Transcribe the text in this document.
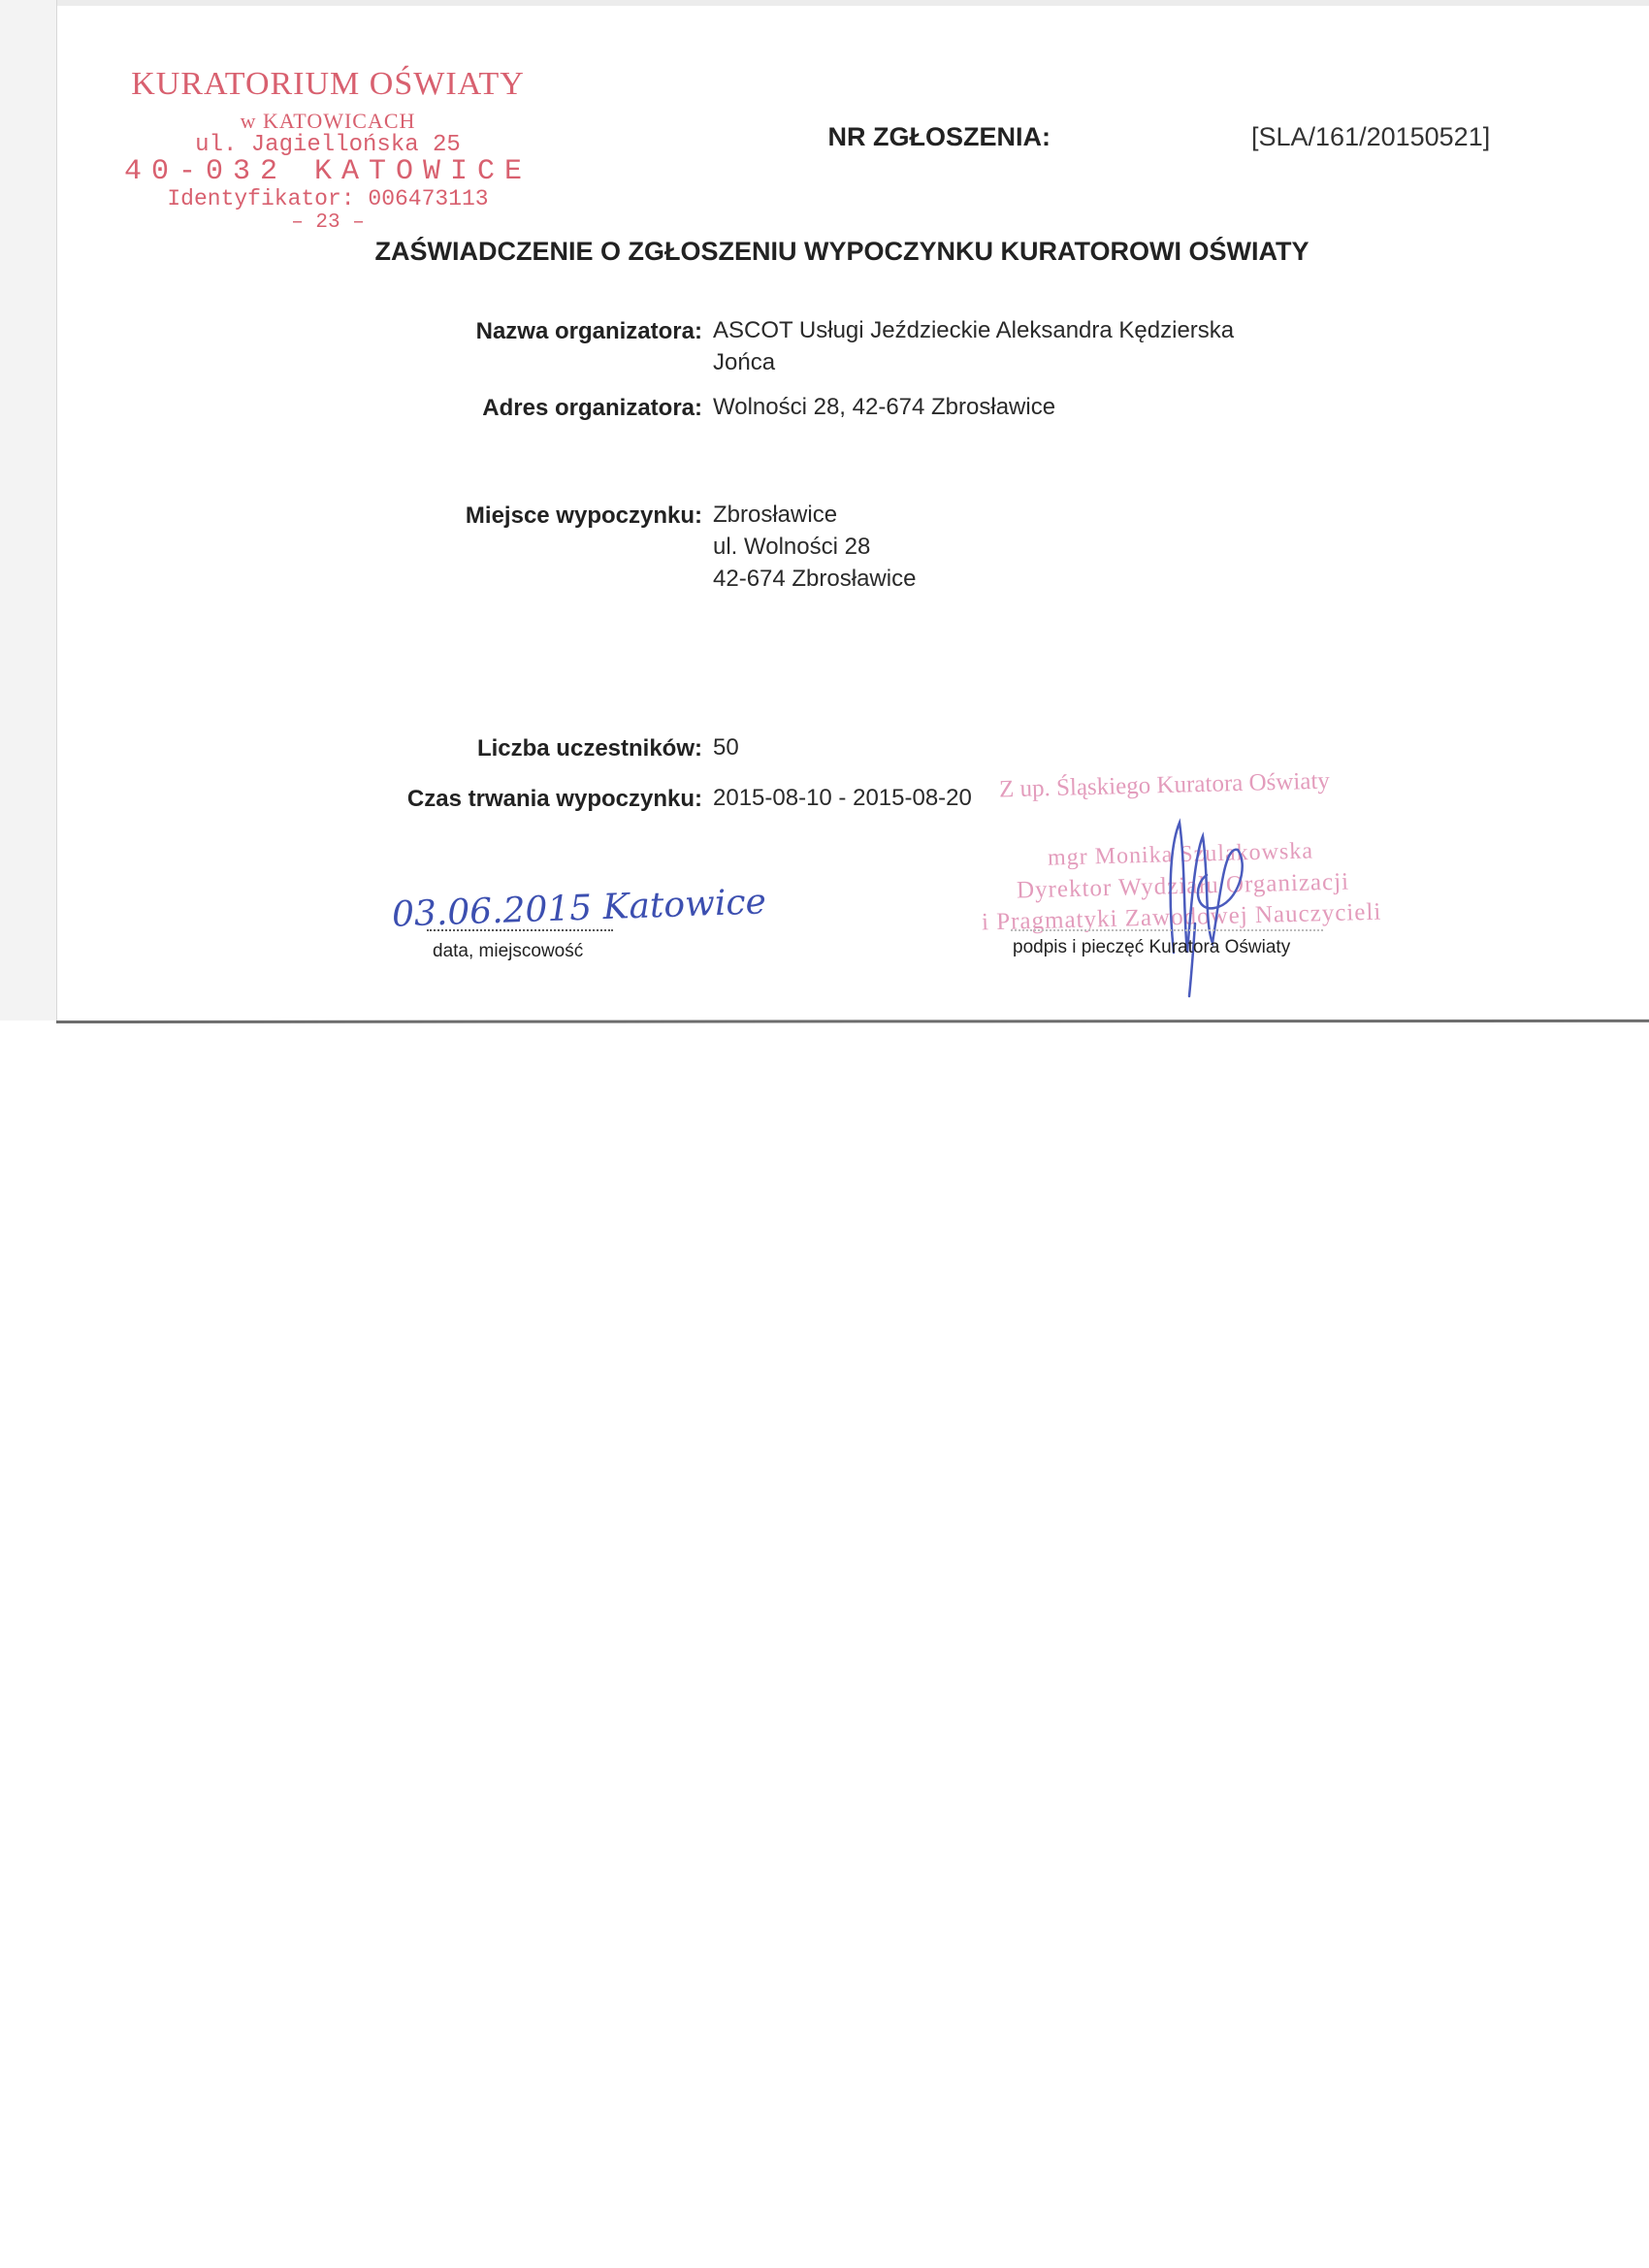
KURATORIUM OŚWIATY
w KATOWICACH
ul. Jagiellońska 25
40-032 KATOWICE
Identyfikator: 006473113
– 23 –
NR ZGŁOSZENIA:	[SLA/161/20150521]
ZAŚWIADCZENIE O ZGŁOSZENIU WYPOCZYNKU KURATOROWI OŚWIATY
Nazwa organizatora: ASCOT Usługi Jeździeckie Aleksandra Kędzierska
Jońca
Adres organizatora: Wolności 28, 42-674 Zbrosławice
Miejsce wypoczynku: Zbrosławice
ul. Wolności 28
42-674 Zbrosławice
Liczba uczestników: 50
Czas trwania wypoczynku: 2015-08-10 - 2015-08-20 Z up. Śląskiego Kuratora Oświaty
mgr Monika Szulakowska
Dyrektor Wydziału Organizacji
i Pragmatyki Zawodowej Nauczycieli
03.06.2015 Katowice
data, miejscowość	podpis i pieczęć Kuratora Oświaty
